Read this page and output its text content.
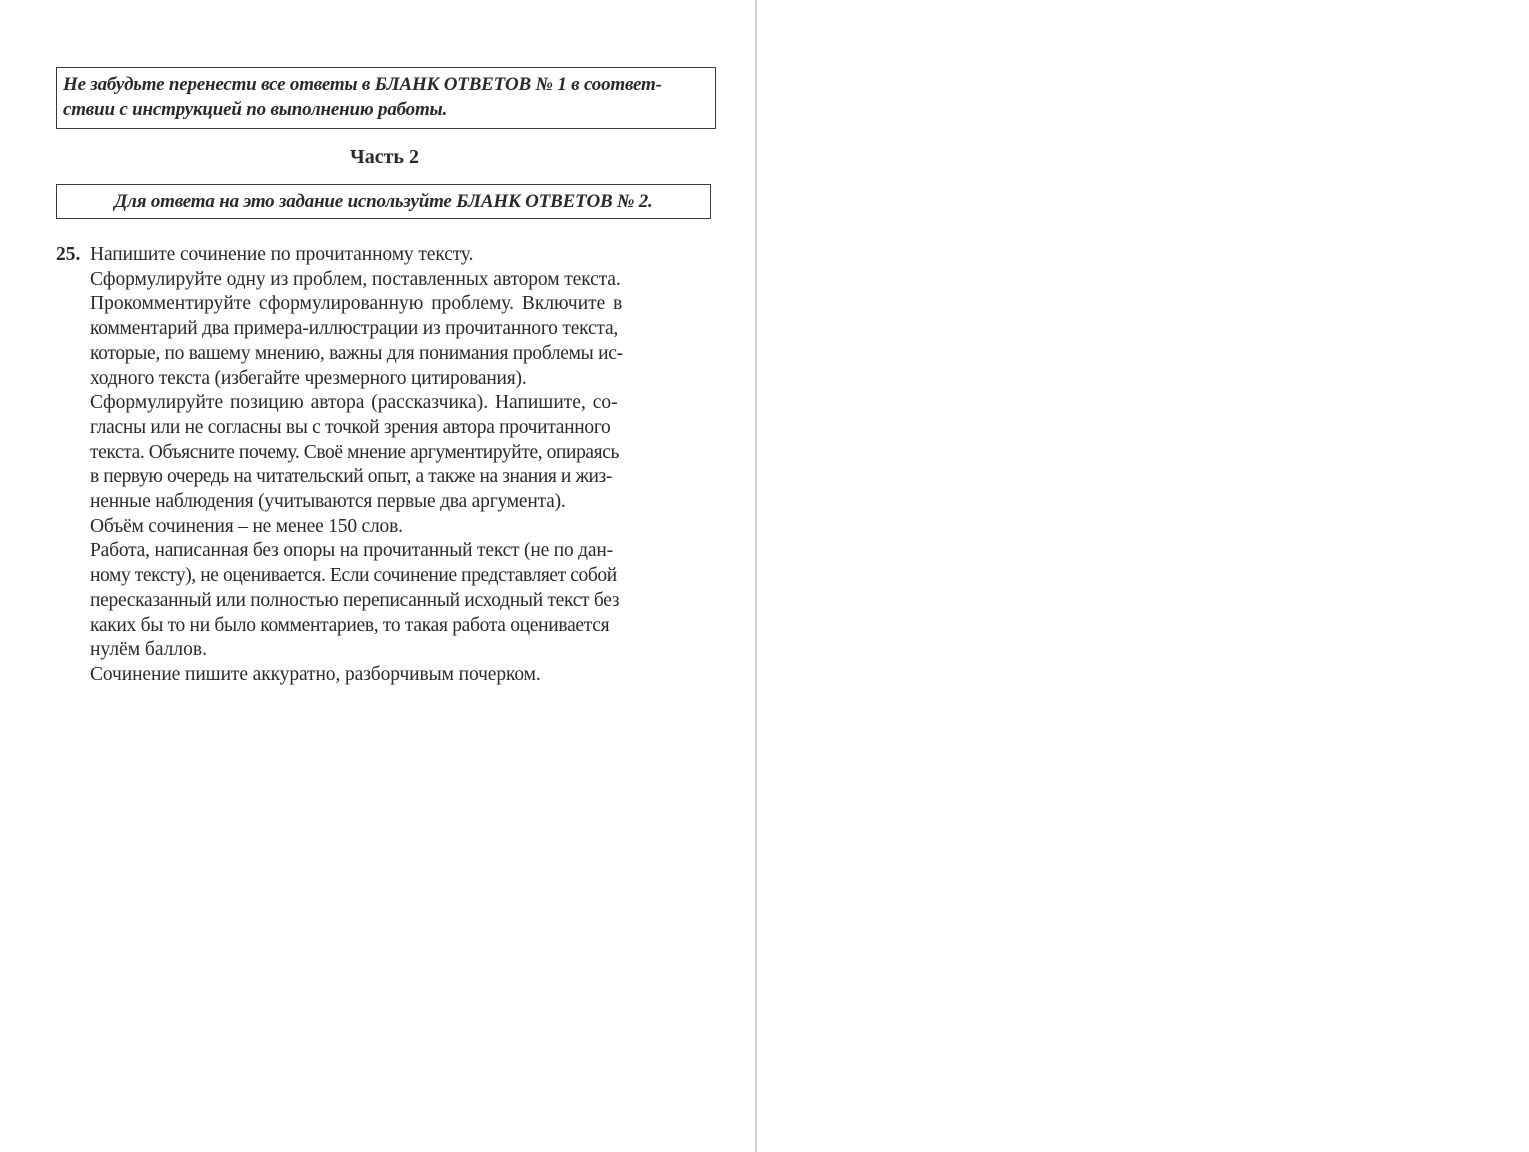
Не забудьте перенести все ответы в БЛАНК ОТВЕТОВ № 1 в соответ-
ствии с инструкцией по выполнению работы.
Часть 2
Для ответа на это задание используйте БЛАНК ОТВЕТОВ № 2.
25. Напишите сочинение по прочитанному тексту.
Сформулируйте одну из проблем, поставленных автором текста.
Прокомментируйте сформулированную проблему. Включите в
комментарий два примера-иллюстрации из прочитанного текста,
которые, по вашему мнению, важны для понимания проблемы ис-
ходного текста (избегайте чрезмерного цитирования).
Сформулируйте позицию автора (рассказчика). Напишите, со-
гласны или не согласны вы с точкой зрения автора прочитанного
текста. Объясните почему. Своё мнение аргументируйте, опираясь
в первую очередь на читательский опыт, а также на знания и жиз-
ненные наблюдения (учитываются первые два аргумента).
Объём сочинения – не менее 150 слов.
Работа, написанная без опоры на прочитанный текст (не по дан-
ному тексту), не оценивается. Если сочинение представляет собой
пересказанный или полностью переписанный исходный текст без
каких бы то ни было комментариев, то такая работа оценивается
нулём баллов.
Сочинение пишите аккуратно, разборчивым почерком.
